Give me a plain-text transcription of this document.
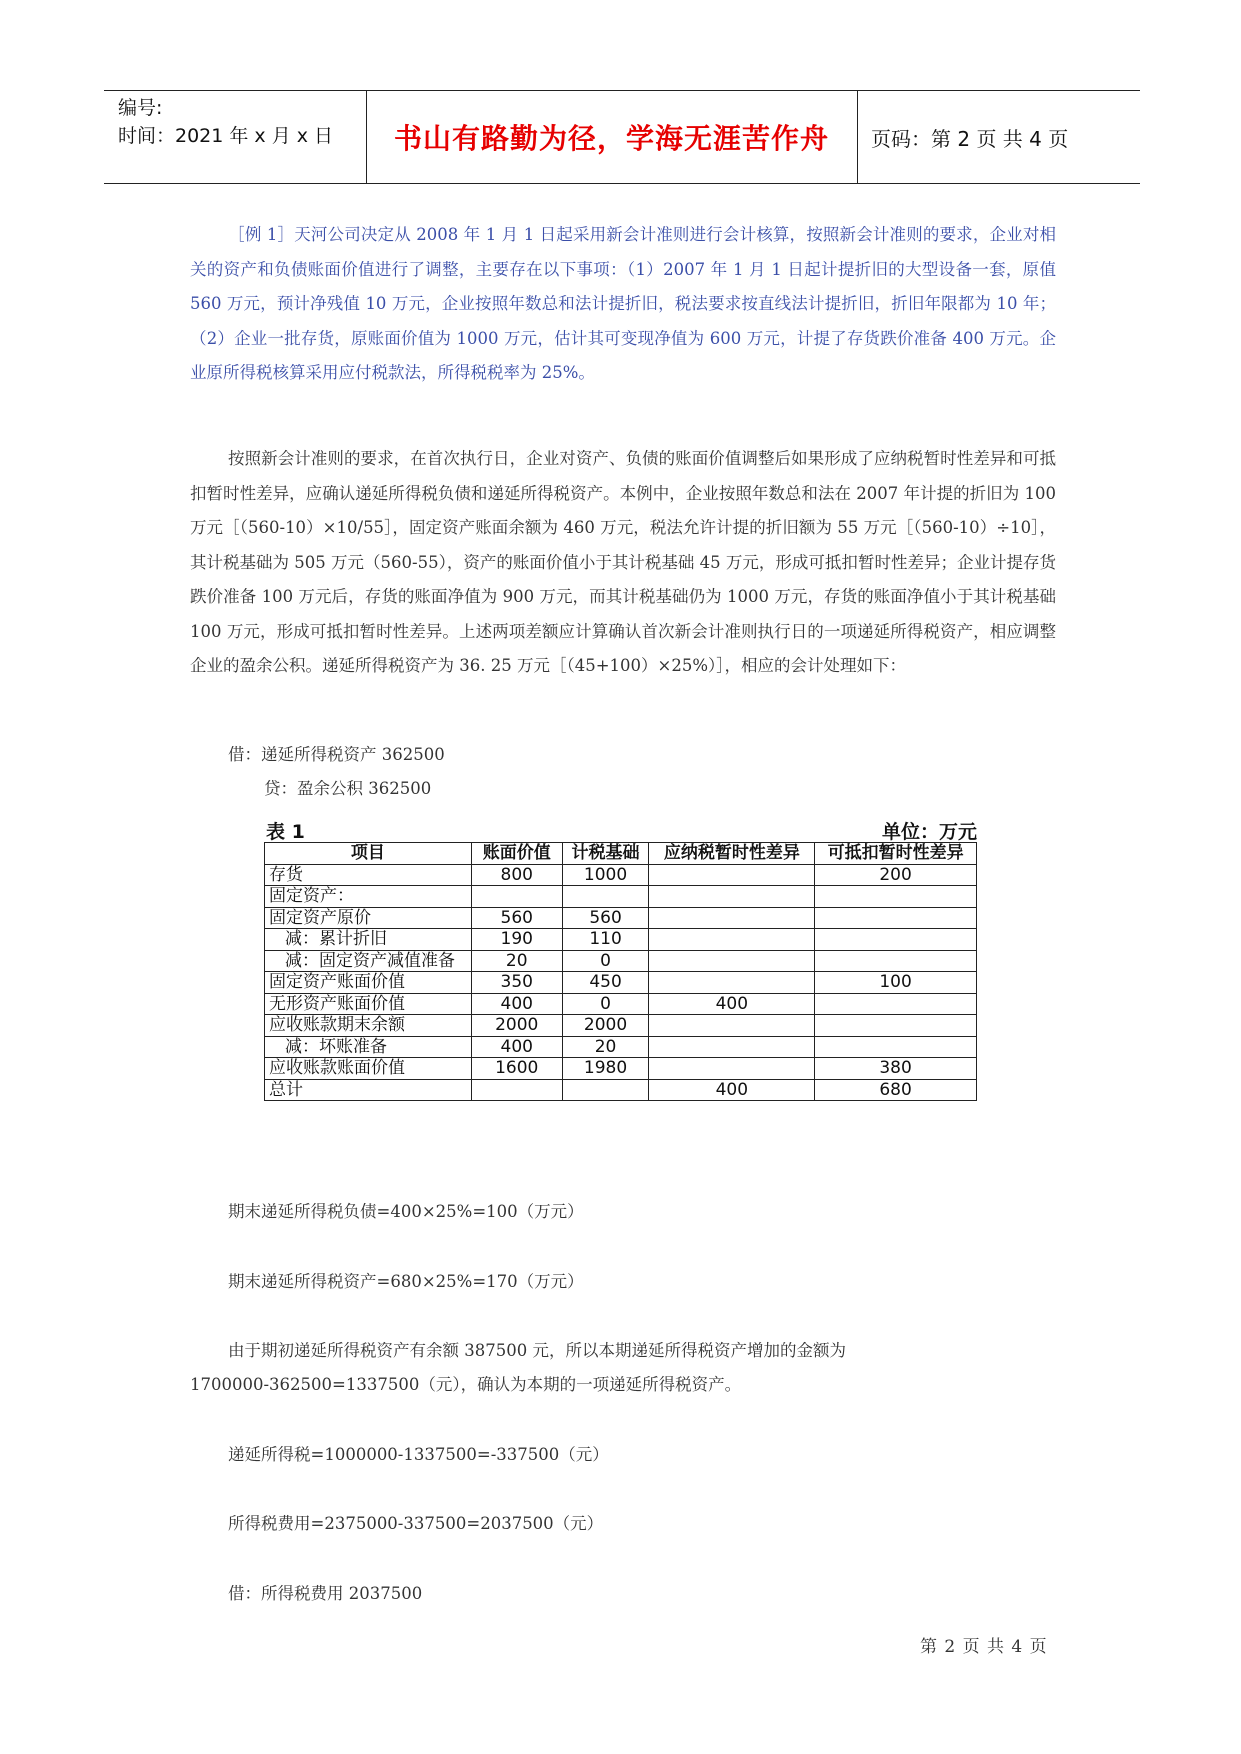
编号:
时间：2021 年 x 月 x 日	书山有路勤为径，学海无涯苦作舟	页码：第 2 页 共 4 页
［例 1］天河公司决定从 2008 年 1 月 1 日起采用新会计准则进行会计核算，按照新会计准则的要求，企业对相关的资产和负债账面价值进行了调整，主要存在以下事项：（1）2007 年 1 月 1 日起计提折旧的大型设备一套，原值 560 万元，预计净残值 10 万元，企业按照年数总和法计提折旧，税法要求按直线法计提折旧，折旧年限都为 10 年；（2）企业一批存货，原账面价值为 1000 万元，估计其可变现净值为 600 万元，计提了存货跌价准备 400 万元。企业原所得税核算采用应付税款法，所得税税率为 25%。
按照新会计准则的要求，在首次执行日，企业对资产、负债的账面价值调整后如果形成了应纳税暂时性差异和可抵扣暂时性差异，应确认递延所得税负债和递延所得税资产。本例中，企业按照年数总和法在 2007 年计提的折旧为 100 万元［（560-10）×10/55］，固定资产账面余额为 460 万元，税法允许计提的折旧额为 55 万元［（560-10）÷10］，其计税基础为 505 万元（560-55），资产的账面价值小于其计税基础 45 万元，形成可抵扣暂时性差异；企业计提存货跌价准备 100 万元后，存货的账面净值为 900 万元，而其计税基础仍为 1000 万元，存货的账面净值小于其计税基础 100 万元，形成可抵扣暂时性差异。上述两项差额应计算确认首次新会计准则执行日的一项递延所得税资产，相应调整企业的盈余公积。递延所得税资产为 36. 25 万元［（45+100）×25%）］，相应的会计处理如下：
借：递延所得税资产 362500
贷：盈余公积 362500
表 1	单位：万元
项目	账面价值	计税基础	应纳税暂时性差异	可抵扣暂时性差异
存货	800	1000		200
固定资产：				
固定资产原价	560	560		
减：累计折旧	190	110		
减：固定资产减值准备	20	0		
固定资产账面价值	350	450		100
无形资产账面价值	400	0	400	
应收账款期末余额	2000	2000		
减：坏账准备	400	20		
应收账款账面价值	1600	1980		380
总计			400	680
期末递延所得税负债=400×25%=100（万元）
期末递延所得税资产=680×25%=170（万元）
由于期初递延所得税资产有余额 387500 元，所以本期递延所得税资产增加的金额为
1700000-362500=1337500（元），确认为本期的一项递延所得税资产。
递延所得税=1000000-1337500=-337500（元）
所得税费用=2375000-337500=2037500（元）
借：所得税费用 2037500
第 2 页 共 4 页
